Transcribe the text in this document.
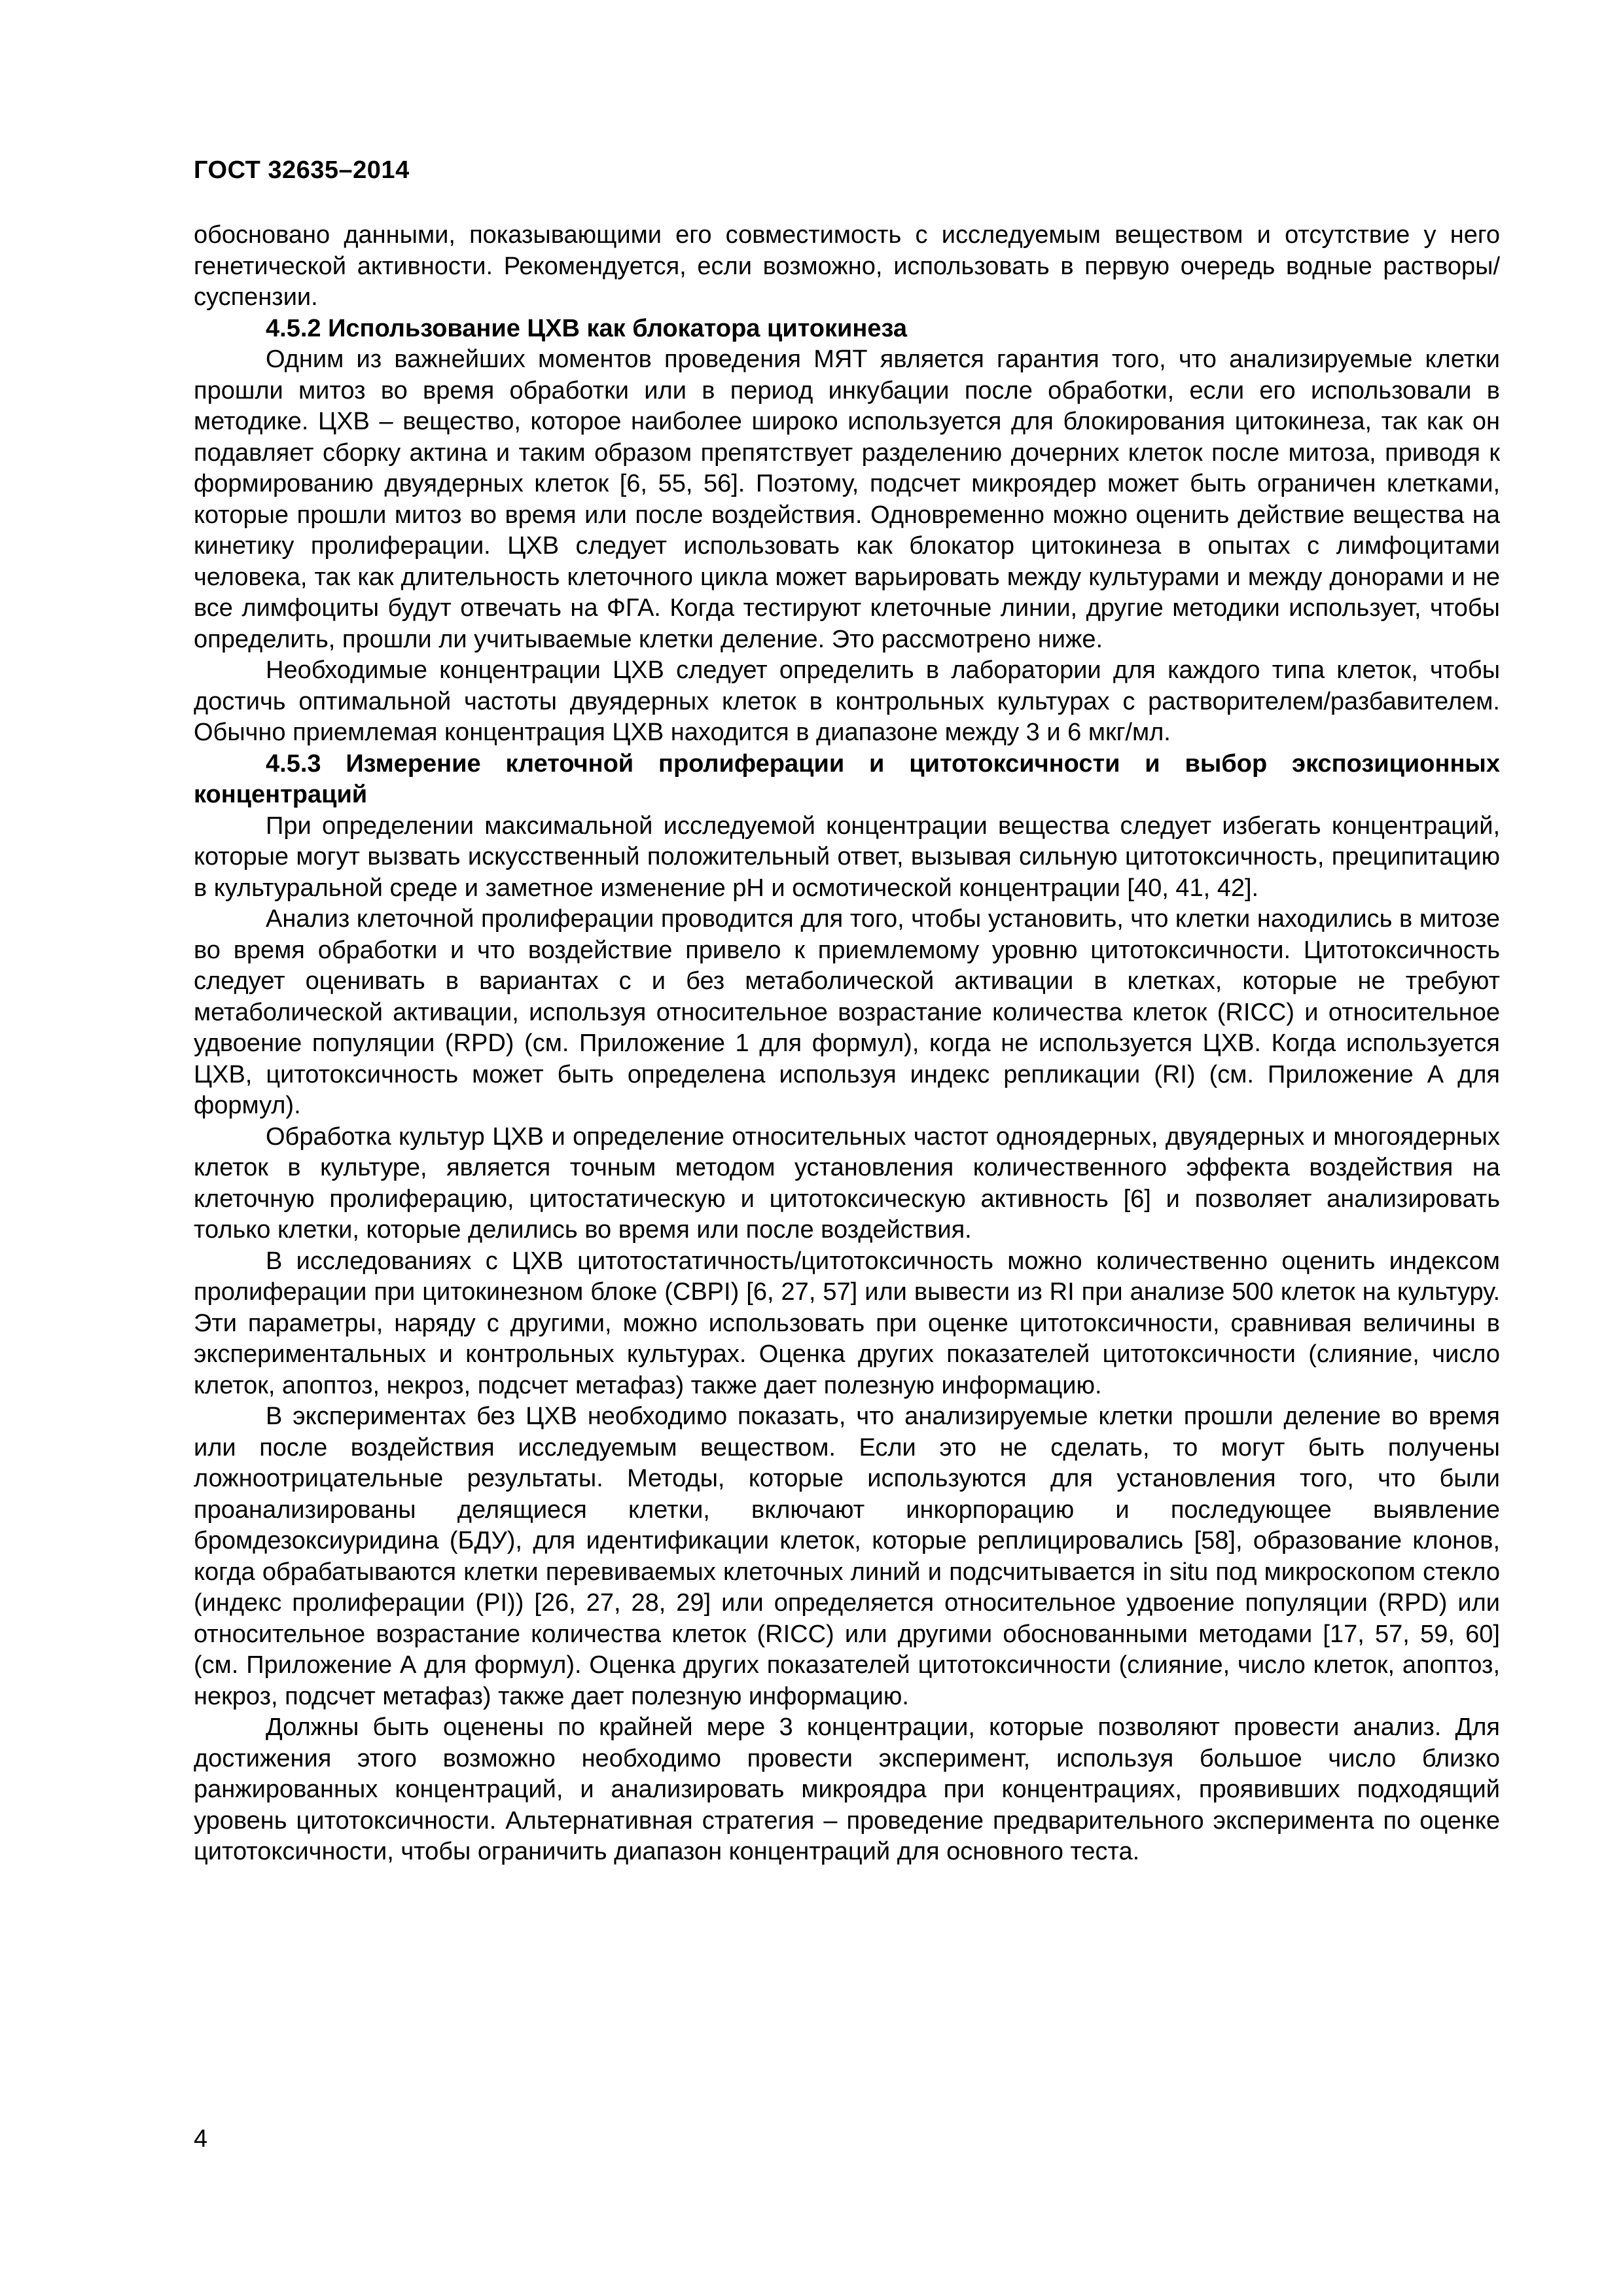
ГОСТ 32635–2014

обосновано данными, показывающими его совместимость с исследуемым веществом и отсутствие у него генетической активности. Рекомендуется, если возможно, использовать в первую очередь водные растворы/суспензии.

4.5.2 Использование ЦХВ как блокатора цитокинеза

Одним из важнейших моментов проведения МЯТ является гарантия того, что анализируемые клетки прошли митоз во время обработки или в период инкубации после обработки, если его использовали в методике. ЦХВ – вещество, которое наиболее широко используется для блокирования цитокинеза, так как он подавляет сборку актина и таким образом препятствует разделению дочерних клеток после митоза, приводя к формированию двуядерных клеток [6, 55, 56]. Поэтому, подсчет микроядер может быть ограничен клетками, которые прошли митоз во время или после воздействия. Одновременно можно оценить действие вещества на кинетику пролиферации. ЦХВ следует использовать как блокатор цитокинеза в опытах с лимфоцитами человека, так как длительность клеточного цикла может варьировать между культурами и между донорами и не все лимфоциты будут отвечать на ФГА. Когда тестируют клеточные линии, другие методики использует, чтобы определить, прошли ли учитываемые клетки деление. Это рассмотрено ниже.

Необходимые концентрации ЦХВ следует определить в лаборатории для каждого типа клеток, чтобы достичь оптимальной частоты двуядерных клеток в контрольных культурах с растворителем/разбавителем. Обычно приемлемая концентрация ЦХВ находится в диапазоне между 3 и 6 мкг/мл.

4.5.3 Измерение клеточной пролиферации и цитотоксичности и выбор экспозиционных концентраций

При определении максимальной исследуемой концентрации вещества следует избегать концентраций, которые могут вызвать искусственный положительный ответ, вызывая сильную цитотоксичность, преципитацию в культуральной среде и заметное изменение pH и осмотической концентрации [40, 41, 42].

Анализ клеточной пролиферации проводится для того, чтобы установить, что клетки находились в митозе во время обработки и что воздействие привело к приемлемому уровню цитотоксичности. Цитотоксичность следует оценивать в вариантах с и без метаболической активации в клетках, которые не требуют метаболической активации, используя относительное возрастание количества клеток (RICC) и относительное удвоение популяции (RPD) (см. Приложение 1 для формул), когда не используется ЦХВ. Когда используется ЦХВ, цитотоксичность может быть определена используя индекс репликации (RI) (см. Приложение А для формул).

Обработка культур ЦХВ и определение относительных частот одноядерных, двуядерных и многоядерных клеток в культуре, является точным методом установления количественного эффекта воздействия на клеточную пролиферацию, цитостатическую и цитотоксическую активность [6] и позволяет анализировать только клетки, которые делились во время или после воздействия.

В исследованиях с ЦХВ цитотостатичность/цитотоксичность можно количественно оценить индексом пролиферации при цитокинезном блоке (CBPI) [6, 27, 57] или вывести из RI при анализе 500 клеток на культуру. Эти параметры, наряду с другими, можно использовать при оценке цитотоксичности, сравнивая величины в экспериментальных и контрольных культурах. Оценка других показателей цитотоксичности (слияние, число клеток, апоптоз, некроз, подсчет метафаз) также дает полезную информацию.

В экспериментах без ЦХВ необходимо показать, что анализируемые клетки прошли деление во время или после воздействия исследуемым веществом. Если это не сделать, то могут быть получены ложноотрицательные результаты. Методы, которые используются для установления того, что были проанализированы делящиеся клетки, включают инкорпорацию и последующее выявление бромдезоксиуридина (БДУ), для идентификации клеток, которые реплицировались [58], образование клонов, когда обрабатываются клетки перевиваемых клеточных линий и подсчитывается in situ под микроскопом стекло (индекс пролиферации (PI)) [26, 27, 28, 29] или определяется относительное удвоение популяции (RPD) или относительное возрастание количества клеток (RICC) или другими обоснованными методами [17, 57, 59, 60] (см. Приложение А для формул). Оценка других показателей цитотоксичности (слияние, число клеток, апоптоз, некроз, подсчет метафаз) также дает полезную информацию.

Должны быть оценены по крайней мере 3 концентрации, которые позволяют провести анализ. Для достижения этого возможно необходимо провести эксперимент, используя большое число близко ранжированных концентраций, и анализировать микроядра при концентрациях, проявивших подходящий уровень цитотоксичности. Альтернативная стратегия – проведение предварительного эксперимента по оценке цитотоксичности, чтобы ограничить диапазон концентраций для основного теста.

4
